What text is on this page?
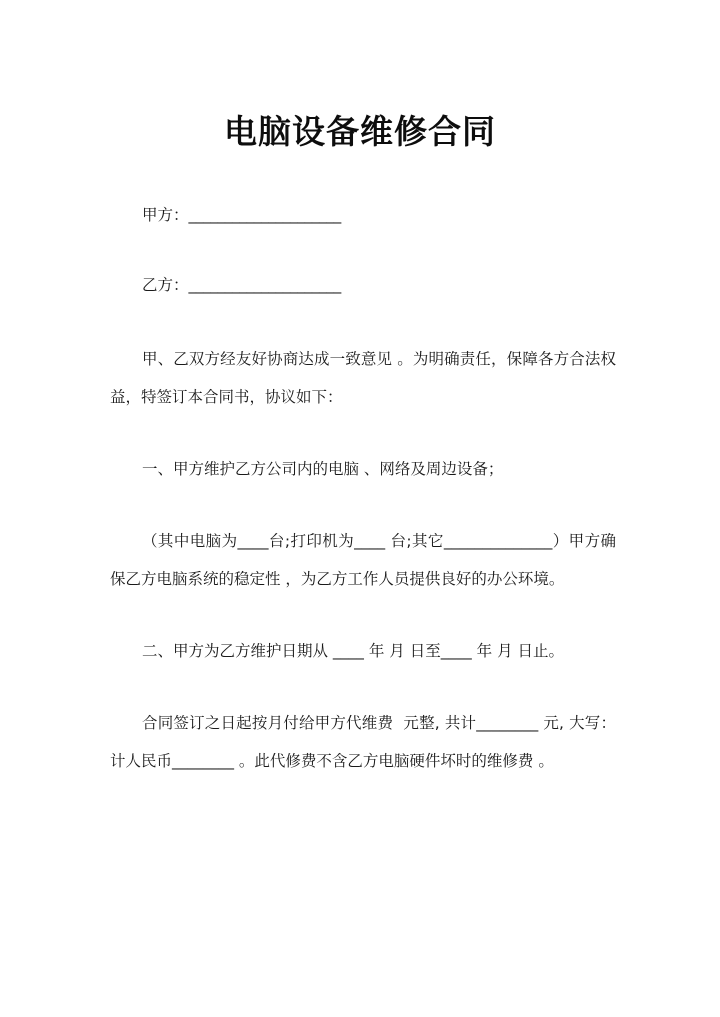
电脑设备维修合同

甲方：_____________________

乙方：_____________________

甲、乙双方经友好协商达成一致意见 。为明确责任，保障各方合法权益，特签订本合同书，协议如下：

一、甲方维护乙方公司内的电脑 、网络及周边设备；

（其中电脑为____台;打印机为____ 台;其它______________）甲方确保乙方电脑系统的稳定性 ，为乙方工作人员提供良好的办公环境。

二、甲方为乙方维护日期从 ____ 年 月 日至____ 年 月 日止。

合同签订之日起按月付给甲方代维费  元整, 共计________ 元, 大写：计人民币________ 。此代修费不含乙方电脑硬件坏时的维修费 。
